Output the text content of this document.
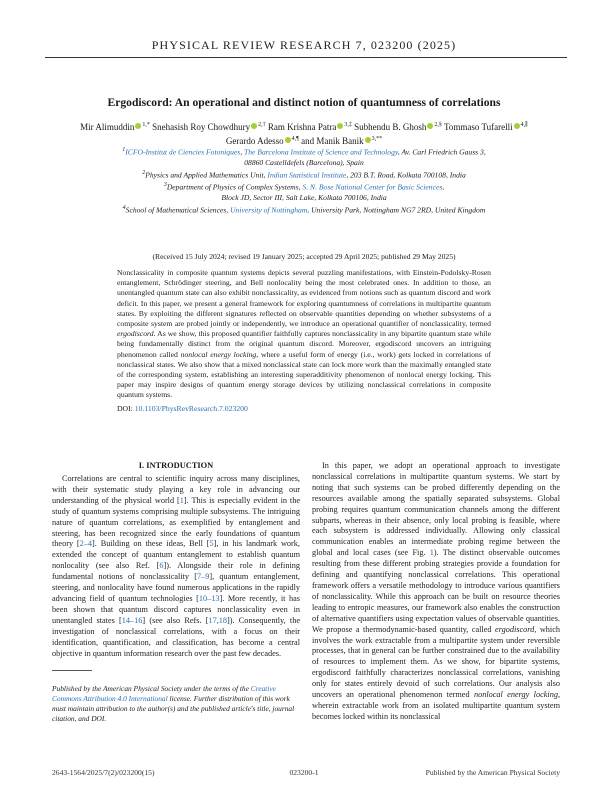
PHYSICAL REVIEW RESEARCH 7, 023200 (2025)
Ergodiscord: An operational and distinct notion of quantumness of correlations
Mir Alimuddin $^{1,*}$ Snehasish Roy Chowdhury $^{2,\dagger}$ Ram Krishna Patra $^{3,\ddagger}$ Subhendu B. Ghosh $^{2,\S}$ Tommaso Tufarelli $^{4,\parallel}$ Gerardo Adesso $^{4,\P}$ and Manik Banik $^{3,**}$
$^1$ICFO-Institut de Ciencies Fotoniques, The Barcelona Institute of Science and Technology, Av. Carl Friedrich Gauss 3,
08860 Castelldefels (Barcelona), Spain
$^2$Physics and Applied Mathematics Unit, Indian Statistical Institute, 203 B.T. Road, Kolkata 700108, India
$^3$Department of Physics of Complex Systems, S. N. Bose National Center for Basic Sciences,
Block JD, Sector III, Salt Lake, Kolkata 700106, India
$^4$School of Mathematical Sciences, University of Nottingham, University Park, Nottingham NG7 2RD, United Kingdom
(Received 15 July 2024; revised 19 January 2025; accepted 29 April 2025; published 29 May 2025)
Nonclassicality in composite quantum systems depicts several puzzling manifestations, with Einstein-Podolsky-Rosen entanglement, Schrödinger steering, and Bell nonlocality being the most celebrated ones. In addition to those, an unentangled quantum state can also exhibit nonclassicality, as evidenced from notions such as quantum discord and work deficit. In this paper, we present a general framework for exploring quantumness of correlations in multipartite quantum states. By exploiting the different signatures reflected on observable quantities depending on whether subsystems of a composite system are probed jointly or independently, we introduce an operational quantifier of nonclassicality, termed ergodiscord. As we show, this proposed quantifier faithfully captures nonclassicality in any bipartite quantum state while being fundamentally distinct from the original quantum discord. Moreover, ergodiscord uncovers an intriguing phenomenon called nonlocal energy locking, where a useful form of energy (i.e., work) gets locked in correlations of nonclassical states. We also show that a mixed nonclassical state can lock more work than the maximally entangled state of the corresponding system, establishing an interesting superadditivity phenomenon of nonlocal energy locking. This paper may inspire designs of quantum energy storage devices by utilizing nonclassical correlations in composite quantum systems.
DOI: 10.1103/PhysRevResearch.7.023200
I. INTRODUCTION

Correlations are central to scientific inquiry across many disciplines, with their systematic study playing a key role in advancing our understanding of the physical world [1]. This is especially evident in the study of quantum systems comprising multiple subsystems. The intriguing nature of quantum correlations, as exemplified by entanglement and steering, has been recognized since the early foundations of quantum theory [2–4]. Building on these ideas, Bell [5], in his landmark work, extended the concept of quantum entanglement to establish quantum nonlocality (see also Ref. [6]). Alongside their role in defining fundamental notions of nonclassicality [7–9], quantum entanglement, steering, and nonlocality have found numerous applications in the rapidly advancing field of quantum technologies [10–13]. More recently, it has been shown that quantum discord captures nonclassicality even in unentangled states [14–16] (see also Refs. [17,18]). Consequently, the investigation of nonclassical correlations, with a focus on their identification, quantification, and classification, has become a central objective in quantum information research over the past few decades.

Published by the American Physical Society under the terms of the Creative Commons Attribution 4.0 International license. Further distribution of this work must maintain attribution to the author(s) and the published article's title, journal citation, and DOI.

In this paper, we adopt an operational approach to investigate nonclassical correlations in multipartite quantum systems. We start by noting that such systems can be probed differently depending on the resources available among the spatially separated subsystems. Global probing requires quantum communication channels among the different subparts, whereas in their absence, only local probing is feasible, where each subsystem is addressed individually. Allowing only classical communication enables an intermediate probing regime between the global and local cases (see Fig. 1). The distinct observable outcomes resulting from these different probing strategies provide a foundation for defining and quantifying nonclassical correlations. This operational framework offers a versatile methodology to introduce various quantifiers of nonclassicality. While this approach can be built on resource theories leading to entropic measures, our framework also enables the construction of alternative quantifiers using expectation values of observable quantities. We propose a thermodynamic-based quantity, called ergodiscord, which involves the work extractable from a multipartite system under reversible processes, that in general can be further constrained due to the availability of resources to implement them. As we show, for bipartite systems, ergodiscord faithfully characterizes nonclassical correlations, vanishing only for states entirely devoid of such correlations. Our analysis also uncovers an operational phenomenon termed nonlocal energy locking, wherein extractable work from an isolated multipartite quantum system becomes locked within its nonclassical

2643-1564/2025/7(2)/023200(15)	023200-1	Published by the American Physical Society
